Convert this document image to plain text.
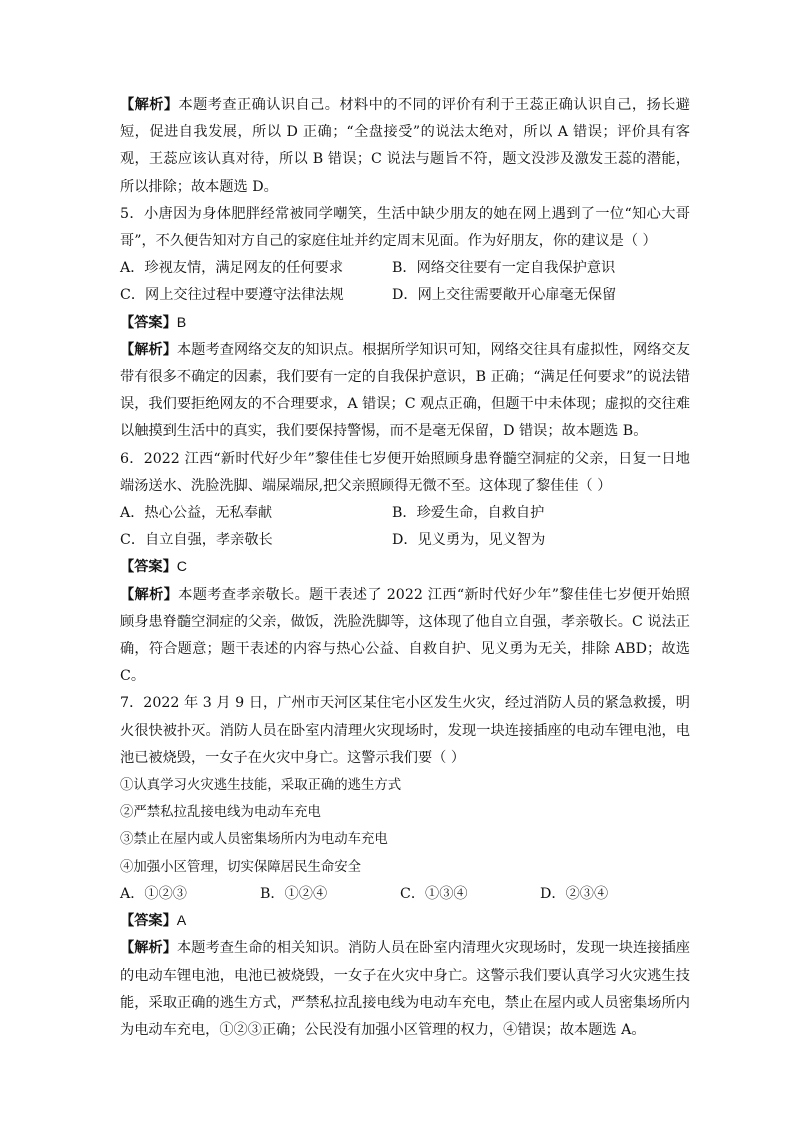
【解析】本题考查正确认识自己。材料中的不同的评价有利于王蕊正确认识自己，扬长避短，促进自我发展，所以 D 正确；“全盘接受”的说法太绝对，所以 A 错误；评价具有客观，王蕊应该认真对待，所以 B 错误；C 说法与题旨不符，题文没涉及激发王蕊的潜能，所以排除；故本题选 D。

5．小唐因为身体肥胖经常被同学嘲笑，生活中缺少朋友的她在网上遇到了一位“知心大哥哥”，不久便告知对方自己的家庭住址并约定周末见面。作为好朋友，你的建议是（ ）

A．珍视友情，满足网友的任何要求	B．网络交往要有一定自我保护意识
C．网上交往过程中要遵守法律法规	D．网上交往需要敞开心扉毫无保留

【答案】B

【解析】本题考查网络交友的知识点。根据所学知识可知，网络交往具有虚拟性，网络交友带有很多不确定的因素，我们要有一定的自我保护意识，B 正确；“满足任何要求”的说法错误，我们要拒绝网友的不合理要求，A 错误；C 观点正确，但题干中未体现；虚拟的交往难以触摸到生活中的真实，我们要保持警惕，而不是毫无保留，D 错误；故本题选 B。

6．2022 江西“新时代好少年”黎佳佳七岁便开始照顾身患脊髓空洞症的父亲，日复一日地端汤送水、洗脸洗脚、端屎端尿,把父亲照顾得无微不至。这体现了黎佳佳（ ）

A．热心公益，无私奉献	B．珍爱生命，自救自护
C．自立自强，孝亲敬长	D．见义勇为，见义智为

【答案】C

【解析】本题考查孝亲敬长。题干表述了 2022 江西“新时代好少年”黎佳佳七岁便开始照顾身患脊髓空洞症的父亲，做饭，洗脸洗脚等，这体现了他自立自强，孝亲敬长。C 说法正确，符合题意；题干表述的内容与热心公益、自救自护、见义勇为无关，排除 ABD；故选 C。

7．2022 年 3 月 9 日，广州市天河区某住宅小区发生火灾，经过消防人员的紧急救援，明火很快被扑灭。消防人员在卧室内清理火灾现场时，发现一块连接插座的电动车锂电池，电池已被烧毁，一女子在火灾中身亡。这警示我们要（ ）

①认真学习火灾逃生技能，采取正确的逃生方式

②严禁私拉乱接电线为电动车充电

③禁止在屋内或人员密集场所内为电动车充电

④加强小区管理，切实保障居民生命安全

A．①②③	B．①②④	C．①③④	D．②③④

【答案】A

【解析】本题考查生命的相关知识。消防人员在卧室内清理火灾现场时，发现一块连接插座的电动车锂电池，电池已被烧毁，一女子在火灾中身亡。这警示我们要认真学习火灾逃生技能，采取正确的逃生方式，严禁私拉乱接电线为电动车充电，禁止在屋内或人员密集场所内为电动车充电，①②③正确；公民没有加强小区管理的权力，④错误；故本题选 A。
